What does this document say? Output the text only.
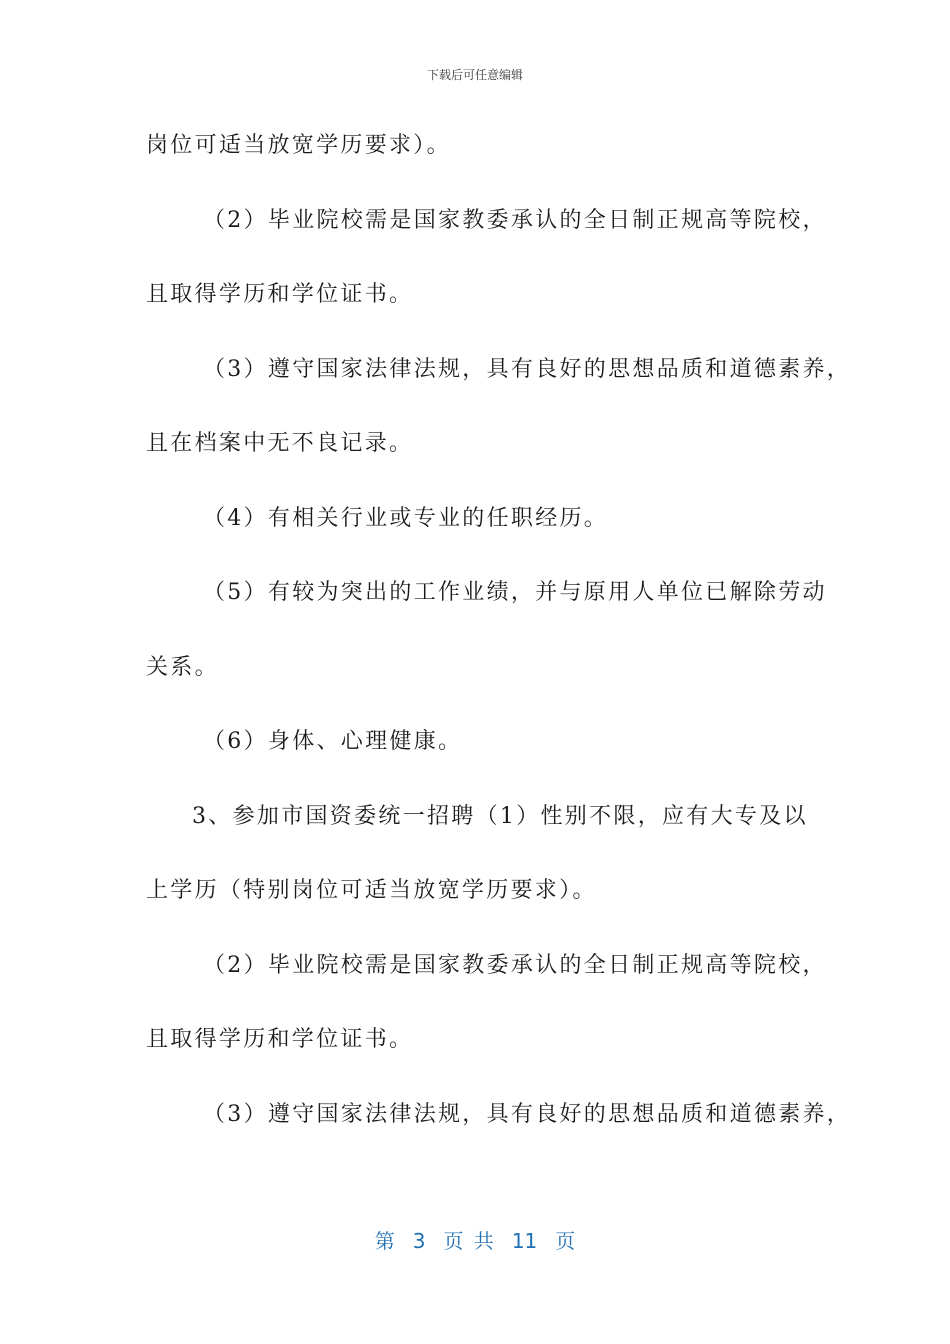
下载后可任意编辑
岗位可适当放宽学历要求）。
（2）毕业院校需是国家教委承认的全日制正规高等院校，
且取得学历和学位证书。
（3）遵守国家法律法规，具有良好的思想品质和道德素养，
且在档案中无不良记录。
（4）有相关行业或专业的任职经历。
（5）有较为突出的工作业绩，并与原用人单位已解除劳动
关系。
（6）身体、心理健康。
3、参加市国资委统一招聘（1）性别不限，应有大专及以
上学历（特别岗位可适当放宽学历要求）。
（2）毕业院校需是国家教委承认的全日制正规高等院校，
且取得学历和学位证书。
（3）遵守国家法律法规，具有良好的思想品质和道德素养，
第 3 页 共 11 页
